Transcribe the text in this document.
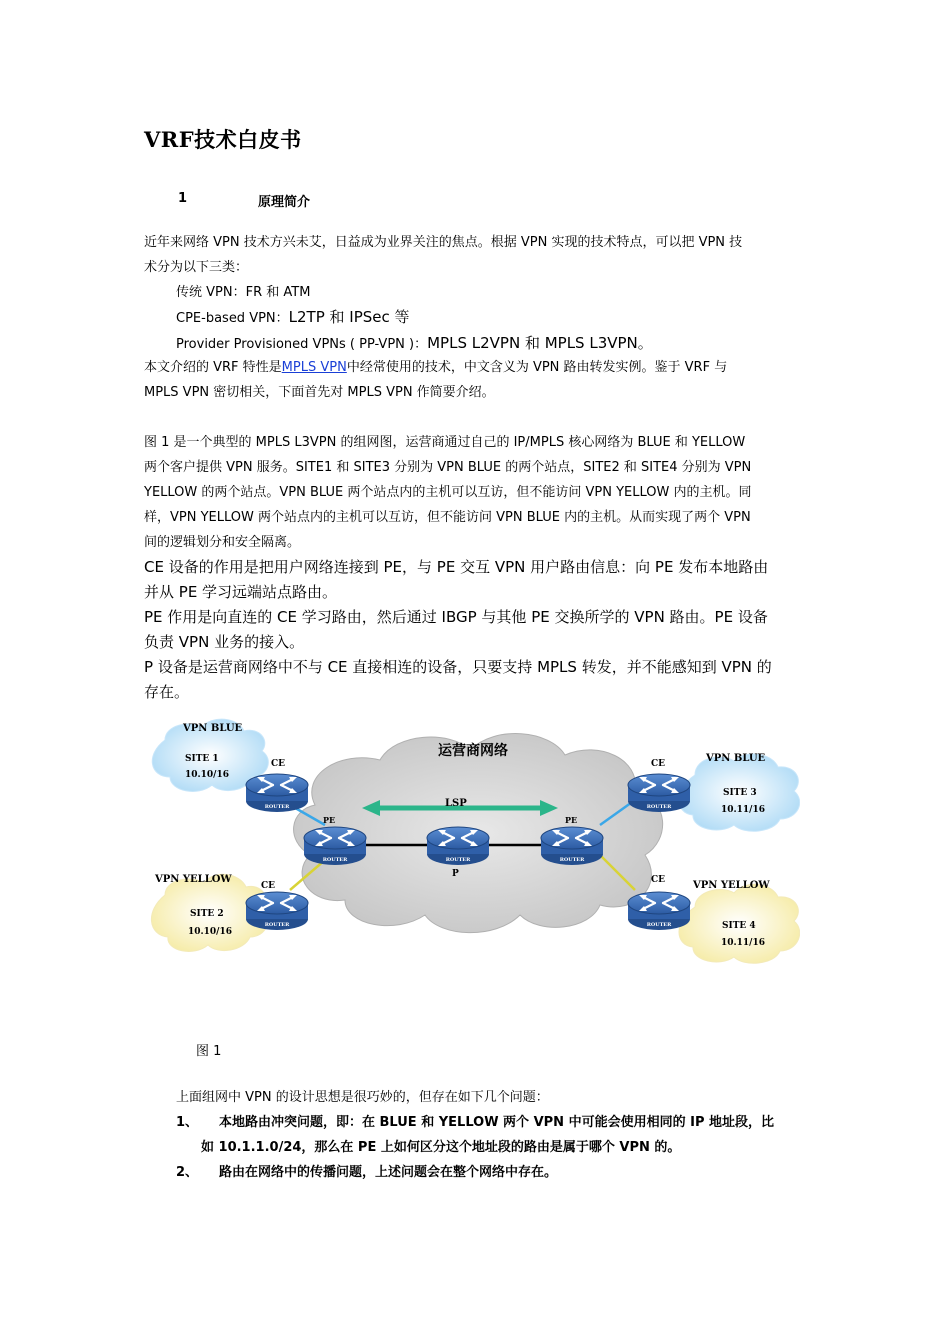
VRF技术白皮书
1	原理简介
近年来网络 VPN 技术方兴未艾，日益成为业界关注的焦点。根据 VPN 实现的技术特点，可以把 VPN 技
术分为以下三类：
传统 VPN：FR 和 ATM
CPE-based VPN：L2TP 和 IPSec 等
Provider Provisioned VPNs ( PP-VPN )：MPLS L2VPN 和 MPLS L3VPN。
本文介绍的 VRF 特性是MPLS VPN中经常使用的技术，中文含义为 VPN 路由转发实例。鉴于 VRF 与
MPLS VPN 密切相关，下面首先对 MPLS VPN 作简要介绍。
图 1 是一个典型的 MPLS L3VPN 的组网图，运营商通过自己的 IP/MPLS 核心网络为 BLUE 和 YELLOW
两个客户提供 VPN 服务。SITE1 和 SITE3 分别为 VPN BLUE 的两个站点，SITE2 和 SITE4 分别为 VPN
YELLOW 的两个站点。VPN BLUE 两个站点内的主机可以互访，但不能访问 VPN YELLOW 内的主机。同
样，VPN YELLOW 两个站点内的主机可以互访，但不能访问 VPN BLUE 内的主机。从而实现了两个 VPN
间的逻辑划分和安全隔离。
CE 设备的作用是把用户网络连接到 PE，与 PE 交互 VPN 用户路由信息：向 PE 发布本地路由
并从 PE 学习远端站点路由。
PE 作用是向直连的 CE 学习路由，然后通过 IBGP 与其他 PE 交换所学的 VPN 路由。PE 设备
负责 VPN 业务的接入。
P 设备是运营商网络中不与 CE 直接相连的设备，只要支持 MPLS 转发，并不能感知到 VPN 的
存在。
LSP
ROUTER
ROUTER
ROUTER	ROUTER	ROUTER
ROUTER
ROUTER
运营商网络
VPN BLUE
SITE 1
10.10/16
CE
VPN YELLOW
SITE 2
10.10/16
CE
PE	PE
P
VPN BLUE
CE
SITE 3
10.11/16
VPN YELLOW
CE
SITE 4
10.11/16
图 1
上面组网中 VPN 的设计思想是很巧妙的，但存在如下几个问题：
1、 本地路由冲突问题，即：在 BLUE 和 YELLOW 两个 VPN 中可能会使用相同的 IP 地址段，比
如 10.1.1.0/24，那么在 PE 上如何区分这个地址段的路由是属于哪个 VPN 的。
2、 路由在网络中的传播问题，上述问题会在整个网络中存在。
